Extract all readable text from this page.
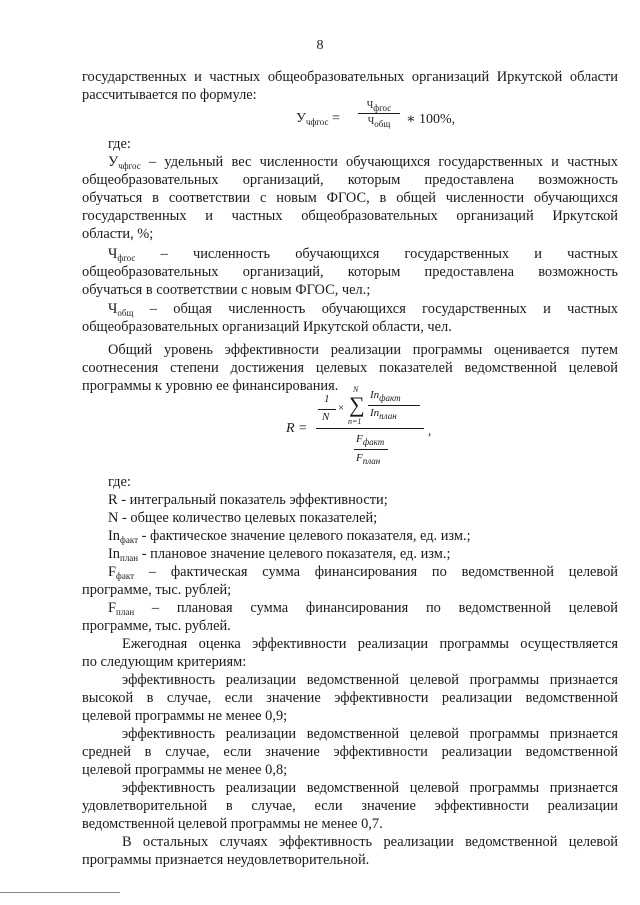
8
государственных и частных общеобразовательных организаций Иркутской области
рассчитывается по формуле:
$У_{чфгос}$ =
$Ч_{фгос}$
$Ч_{общ}$	∗ 100%,
где:
$У_{чфгос}$ – удельный вес численности обучающихся государственных и частных
общеобразовательных организаций, которым предоставлена возможность
обучаться в соответствии с новым ФГОС, в общей численности обучающихся
государственных и частных общеобразовательных организаций Иркутской
области, %;
$Ч_{фгос}$ – численность обучающихся государственных и частных
общеобразовательных организаций, которым предоставлена возможность
обучаться в соответствии с новым ФГОС, чел.;
$Ч_{общ}$ – общая численность обучающихся государственных и частных
общеобразовательных организаций Иркутской области, чел.
Общий уровень эффективности реализации программы оценивается путем
соотнесения степени достижения целевых показателей ведомственной целевой
программы к уровню ее финансирования.
R =
1
N
×
N
∑
n=1
$In_{факт}$
$In_{план}$
$F_{факт}$
$F_{план}$
,
где:
R - интегральный показатель эффективности;
N - общее количество целевых показателей;
$In_{факт}$ - фактическое значение целевого показателя, ед. изм.;
$In_{план}$ - плановое значение целевого показателя, ед. изм.;
$F_{факт}$ – фактическая сумма финансирования по ведомственной целевой
программе, тыс. рублей;
$F_{план}$ – плановая сумма финансирования по ведомственной целевой
программе, тыс. рублей.
Ежегодная оценка эффективности реализации программы осуществляется
по следующим критериям:
эффективность реализации ведомственной целевой программы признается
высокой в случае, если значение эффективности реализации ведомственной
целевой программы не менее 0,9;
эффективность реализации ведомственной целевой программы признается
средней в случае, если значение эффективности реализации ведомственной
целевой программы не менее 0,8;
эффективность реализации ведомственной целевой программы признается
удовлетворительной в случае, если значение эффективности реализации
ведомственной целевой программы не менее 0,7.
В остальных случаях эффективность реализации ведомственной целевой
программы признается неудовлетворительной.
